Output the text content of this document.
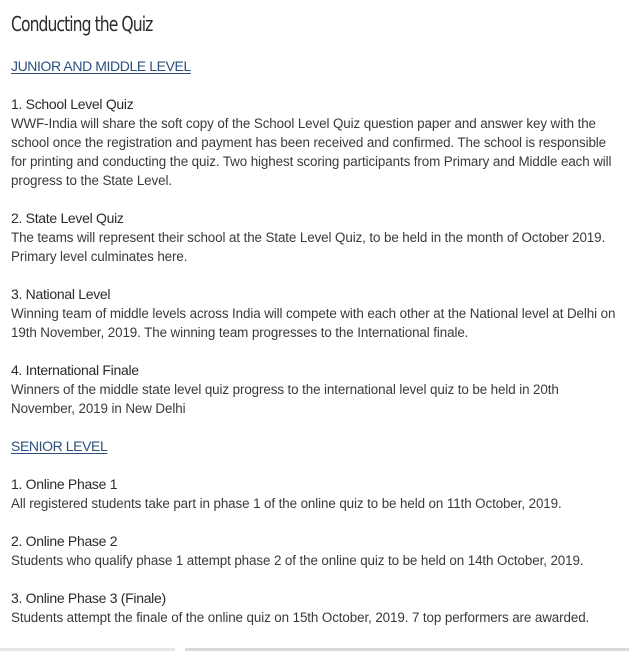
Conducting the Quiz
JUNIOR AND MIDDLE LEVEL
1. School Level Quiz

WWF-India will share the soft copy of the School Level Quiz question paper and answer key with the school once the registration and payment has been received and confirmed. The school is responsible for printing and conducting the quiz. Two highest scoring participants from Primary and Middle each will progress to the State Level.

2. State Level Quiz

The teams will represent their school at the State Level Quiz, to be held in the month of October 2019. Primary level culminates here.

3. National Level

Winning team of middle levels across India will compete with each other at the National level at Delhi on 19th November, 2019. The winning team progresses to the International finale.

4. International Finale

Winners of the middle state level quiz progress to the international level quiz to be held in 20th November, 2019 in New Delhi

SENIOR LEVEL
1. Online Phase 1

All registered students take part in phase 1 of the online quiz to be held on 11th October, 2019.

2. Online Phase 2

Students who qualify phase 1 attempt phase 2 of the online quiz to be held on 14th October, 2019.

3. Online Phase 3 (Finale)

Students attempt the finale of the online quiz on 15th October, 2019. 7 top performers are awarded.
